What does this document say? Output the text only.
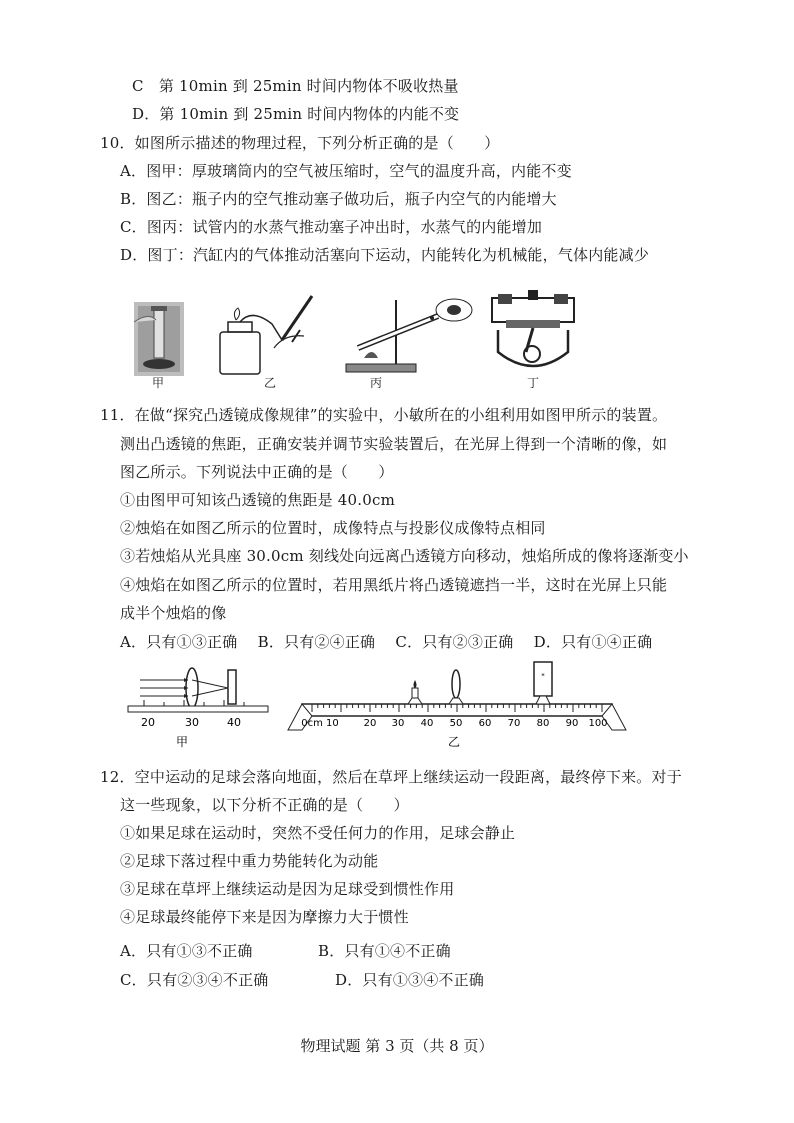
C　第 10min 到 25min 时间内物体不吸收热量
D．第 10min 到 25min 时间内物体的内能不变
10．如图所示描述的物理过程，下列分析正确的是（　　）
A．图甲：厚玻璃筒内的空气被压缩时，空气的温度升高，内能不变
B．图乙：瓶子内的空气推动塞子做功后，瓶子内空气的内能增大
C．图丙：试管内的水蒸气推动塞子冲出时，水蒸气的内能增加
D．图丁：汽缸内的气体推动活塞向下运动，内能转化为机械能，气体内能减少
甲	乙	丙	丁
11．在做“探究凸透镜成像规律”的实验中，小敏所在的小组利用如图甲所示的装置。
测出凸透镜的焦距，正确安装并调节实验装置后，在光屏上得到一个清晰的像，如
图乙所示。下列说法中正确的是（　　）
①由图甲可知该凸透镜的焦距是 40.0cm
②烛焰在如图乙所示的位置时，成像特点与投影仪成像特点相同
③若烛焰从光具座 30.0cm 刻线处向远离凸透镜方向移动，烛焰所成的像将逐渐变小
④烛焰在如图乙所示的位置时，若用黑纸片将凸透镜遮挡一半，这时在光屏上只能
成半个烛焰的像
A．只有①③正确　 B．只有②④正确　 C．只有②③正确　 D．只有①④正确
20	30	40
甲
*
0cm 10 20 30 40 50 60 70 80 90 100
乙
12．空中运动的足球会落向地面，然后在草坪上继续运动一段距离，最终停下来。对于
这一些现象，以下分析不正确的是（　　）
①如果足球在运动时，突然不受任何力的作用，足球会静止
②足球下落过程中重力势能转化为动能
③足球在草坪上继续运动是因为足球受到惯性作用
④足球最终能停下来是因为摩擦力大于惯性
A．只有①③不正确	B．只有①④不正确
C．只有②③④不正确	D．只有①③④不正确
物理试题 第 3 页（共 8 页）
